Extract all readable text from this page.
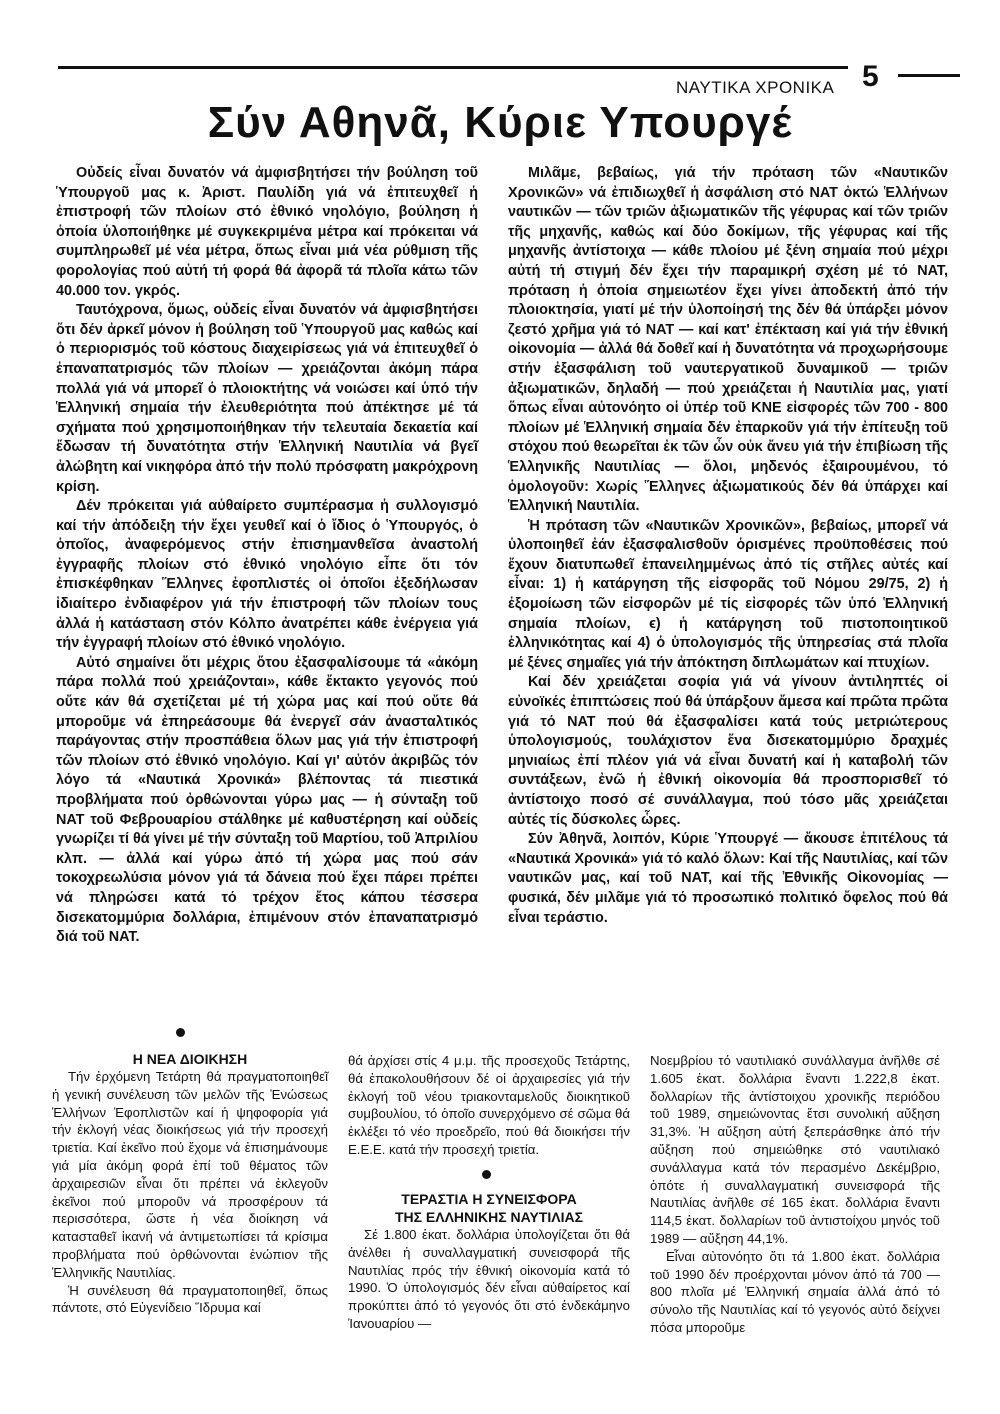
ΝΑΥΤΙΚΑ ΧΡΟΝΙΚΑ 5
Σύν Αθηνᾶ, Κύριε Υπουργέ

Οὐδείς εἶναι δυνατόν νά ἀμφισβητήσει τήν βούληση τοῦ Ὑπουργοῦ μας κ. Ἀριστ. Παυλίδη γιά νά ἐπιτευχθεῖ ἡ ἐπιστροφή τῶν πλοίων στό ἐθνικό νηολόγιο, βούληση ἡ ὁποία ὑλοποιήθηκε μέ συγκεκριμένα μέτρα καί πρόκειται νά συμπληρωθεῖ μέ νέα μέτρα, ὅπως εἶναι μιά νέα ρύθμιση τῆς φορολογίας πού αὐτή τή φορά θά ἀφορᾶ τά πλοῖα κάτω τῶν 40.000 τον. γκρός.

Ταυτόχρονα, ὅμως, οὐδείς εἶναι δυνατόν νά ἀμφισβητήσει ὅτι δέν ἀρκεῖ μόνον ἡ βούληση τοῦ Ὑπουργοῦ μας καθώς καί ὁ περιορισμός τοῦ κόστους διαχειρίσεως γιά νά ἐπιτευχθεῖ ὁ ἐπαναπατρισμός τῶν πλοίων — χρειάζονται ἀκόμη πάρα πολλά γιά νά μπορεῖ ὁ πλοιοκτήτης νά νοιώσει καί ὑπό τήν Ἑλληνική σημαία τήν ἐλευθεριότητα πού ἀπέκτησε μέ τά σχήματα πού χρησιμοποιήθηκαν τήν τελευταία δεκαετία καί ἔδωσαν τή δυνατότητα στήν Ἑλληνική Ναυτιλία νά βγεῖ ἀλώβητη καί νικηφόρα ἀπό τήν πολύ πρόσφατη μακρόχρονη κρίση.

Δέν πρόκειται γιά αὐθαίρετο συμπέρασμα ἡ συλλογισμό καί τήν ἀπόδειξη τήν ἔχει γευθεῖ καί ὁ ἴδιος ὁ Ὑπουργός, ὁ ὁποῖος, ἀναφερόμενος στήν ἐπισημανθεῖσα ἀναστολή ἐγγραφῆς πλοίων στό ἐθνικό νηολόγιο εἶπε ὅτι τόν ἐπισκέφθηκαν Ἕλληνες ἐφοπλιστές οἱ ὁποῖοι ἐξεδήλωσαν ἰδιαίτερο ἐνδιαφέρον γιά τήν ἐπιστροφή τῶν πλοίων τους ἀλλά ἡ κατάσταση στόν Κόλπο ἀνατρέπει κάθε ἐνέργεια γιά τήν ἐγγραφή πλοίων στό ἐθνικό νηολόγιο.

Αὐτό σημαίνει ὅτι μέχρις ὅτου ἐξασφαλίσουμε τά «ἀκόμη πάρα πολλά πού χρειάζονται», κάθε ἔκτακτο γεγονός πού οὔτε κάν θά σχετίζεται μέ τή χώρα μας καί πού οὔτε θά μποροῦμε νά ἐπηρεάσουμε θά ἐνεργεῖ σάν ἀνασταλτικός παράγοντας στήν προσπάθεια ὅλων μας γιά τήν ἐπιστροφή τῶν πλοίων στό ἐθνικό νηολόγιο. Καί γι' αὐτόν ἀκριβῶς τόν λόγο τά «Ναυτικά Χρονικά» βλέποντας τά πιεστικά προβλήματα πού ὀρθώνονται γύρω μας — ἡ σύνταξη τοῦ ΝΑΤ τοῦ Φεβρουαρίου στάλθηκε μέ καθυστέρηση καί οὐδείς γνωρίζει τί θά γίνει μέ τήν σύνταξη τοῦ Μαρτίου, τοῦ Ἀπριλίου κλπ. — ἀλλά καί γύρω ἀπό τή χώρα μας πού σάν τοκοχρεωλύσια μόνον γιά τά δάνεια πού ἔχει πάρει πρέπει νά πληρώσει κατά τό τρέχον ἔτος κάπου τέσσερα δισεκατομμύρια δολλάρια, ἐπιμένουν στόν ἐπαναπατρισμό διά τοῦ ΝΑΤ.

Μιλᾶμε, βεβαίως, γιά τήν πρόταση τῶν «Ναυτικῶν Χρονικῶν» νά ἐπιδιωχθεῖ ἡ ἀσφάλιση στό ΝΑΤ ὀκτώ Ἑλλήνων ναυτικῶν — τῶν τριῶν ἀξιωματικῶν τῆς γέφυρας καί τῶν τριῶν τῆς μηχανῆς, καθώς καί δύο δοκίμων, τῆς γέφυρας καί τῆς μηχανῆς ἀντίστοιχα — κάθε πλοίου μέ ξένη σημαία πού μέχρι αὐτή τή στιγμή δέν ἔχει τήν παραμικρή σχέση μέ τό ΝΑΤ, πρόταση ἡ ὁποία σημειωτέον ἔχει γίνει ἀποδεκτή ἀπό τήν πλοιοκτησία, γιατί μέ τήν ὑλοποίησή της δέν θά ὑπάρξει μόνον ζεστό χρῆμα γιά τό ΝΑΤ — καί κατ' ἐπέκταση καί γιά τήν ἐθνική οἰκονομία — ἀλλά θά δοθεῖ καί ἡ δυνατότητα νά προχωρήσουμε στήν ἐξασφάλιση τοῦ ναυτεργατικοῦ δυναμικοῦ — τριῶν ἀξιωματικῶν, δηλαδή — πού χρειάζεται ἡ Ναυτιλία μας, γιατί ὅπως εἶναι αὐτονόητο οἱ ὑπέρ τοῦ ΚΝΕ εἰσφορές τῶν 700 - 800 πλοίων μέ Ἑλληνική σημαία δέν ἐπαρκοῦν γιά τήν ἐπίτευξη τοῦ στόχου πού θεωρεῖται ἐκ τῶν ὧν οὐκ ἄνευ γιά τήν ἐπιβίωση τῆς Ἑλληνικῆς Ναυτιλίας — ὅλοι, μηδενός ἐξαιρουμένου, τό ὁμολογοῦν: Χωρίς Ἕλληνες ἀξιωματικούς δέν θά ὑπάρχει καί Ἑλληνική Ναυτιλία.

Ἡ πρόταση τῶν «Ναυτικῶν Χρονικῶν», βεβαίως, μπορεῖ νά ὑλοποιηθεῖ ἐάν ἐξασφαλισθοῦν ὁρισμένες προϋποθέσεις πού ἔχουν διατυπωθεῖ ἐπανειλημμένως ἀπό τίς στῆλες αὐτές καί εἶναι: 1) ἡ κατάργηση τῆς εἰσφορᾶς τοῦ Νόμου 29/75, 2) ἡ ἐξομοίωση τῶν εἰσφορῶν μέ τίς εἰσφορές τῶν ὑπό Ἑλληνική σημαία πλοίων, ϵ) ἡ κατάργηση τοῦ πιστοποιητικοῦ ἑλληνικότητας καί 4) ὁ ὑπολογισμός τῆς ὑπηρεσίας στά πλοῖα μέ ξένες σημαῖες γιά τήν ἀπόκτηση διπλωμάτων καί πτυχίων.

Καί δέν χρειάζεται σοφία γιά νά γίνουν ἀντιληπτές οἱ εὐνοϊκές ἐπιπτώσεις πού θά ὑπάρξουν ἄμεσα καί πρῶτα πρῶτα γιά τό ΝΑΤ πού θά ἐξασφαλίσει κατά τούς μετριώτερους ὑπολογισμούς, τουλάχιστον ἕνα δισεκατομμύριο δραχμές μηνιαίως ἐπί πλέον γιά νά εἶναι δυνατή καί ἡ καταβολή τῶν συντάξεων, ἐνῶ ἡ ἐθνική οἰκονομία θά προσπορισθεῖ τό ἀντίστοιχο ποσό σέ συνάλλαγμα, πού τόσο μᾶς χρειάζεται αὐτές τίς δύσκολες ὧρες.

Σύν Ἀθηνᾶ, λοιπόν, Κύριε Ὑπουργέ — ἄκουσε ἐπιτέλους τά «Ναυτικά Χρονικά» γιά τό καλό ὅλων: Καί τῆς Ναυτιλίας, καί τῶν ναυτικῶν μας, καί τοῦ ΝΑΤ, καί τῆς Ἐθνικῆς Οἰκονομίας — φυσικά, δέν μιλᾶμε γιά τό προσωπικό πολιτικό ὄφελος πού θά εἶναι τεράστιο.

Η ΝΕΑ ΔΙΟΙΚΗΣΗ

Τήν ἐρχόμενη Τετάρτη θά πραγματοποιηθεῖ ἡ γενική συνέλευση τῶν μελῶν τῆς Ἑνώσεως Ἑλλήνων Ἐφοπλιστῶν καί ἡ ψηφοφορία γιά τήν ἐκλογή νέας διοικήσεως γιά τήν προσεχή τριετία. Καί ἐκεῖνο πού ἔχομε νά ἐπισημάνουμε γιά μία ἀκόμη φορά ἐπί τοῦ θέματος τῶν ἀρχαιρεσιῶν εἶναι ὅτι πρέπει νά ἐκλεγοῦν ἐκεῖνοι πού μποροῦν νά προσφέρουν τά περισσότερα, ὥστε ἡ νέα διοίκηση νά κατασταθεῖ ἱκανή νά ἀντιμετωπίσει τά κρίσιμα προβλήματα πού ὀρθώνονται ἐνώπιον τῆς Ἑλληνικῆς Ναυτιλίας.

Ἡ συνέλευση θά πραγματοποιηθεῖ, ὅπως πάντοτε, στό Εὐγενίδειο Ἵδρυμα καί

θά ἀρχίσει στίς 4 μ.μ. τῆς προσεχοῦς Τετάρτης, θά ἐπακολουθήσουν δέ οἱ ἀρχαιρεσίες γιά τήν ἐκλογή τοῦ νέου τριακονταμελοῦς διοικητικοῦ συμβουλίου, τό ὁποῖο συνερχόμενο σέ σῶμα θά ἐκλέξει τό νέο προεδρεῖο, πού θά διοικήσει τήν Ε.Ε.Ε. κατά τήν προσεχή τριετία.

ΤΕΡΑΣΤΙΑ Η ΣΥΝΕΙΣΦΟΡΑ

ΤΗΣ ΕΛΛΗΝΙΚΗΣ ΝΑΥΤΙΛΙΑΣ

Σέ 1.800 ἑκατ. δολλάρια ὑπολογίζεται ὅτι θά ἀνέλθει ἡ συναλλαγματική συνεισφορά τῆς Ναυτιλίας πρός τήν ἐθνική οἰκονομία κατά τό 1990. Ὁ ὑπολογισμός δέν εἶναι αὐθαίρετος καί προκύπτει ἀπό τό γεγονός ὅτι στό ἑνδεκάμηνο Ἰανουαρίου —

Νοεμβρίου τό ναυτιλιακό συνάλλαγμα ἀνῆλθε σέ 1.605 ἑκατ. δολλάρια ἔναντι 1.222,8 ἑκατ. δολλαρίων τῆς ἀντίστοιχου χρονικῆς περιόδου τοῦ 1989, σημειώνοντας ἔτσι συνολική αὔξηση 31,3%. Ἡ αὔξηση αὐτή ξεπεράσθηκε ἀπό τήν αὔξηση πού σημειώθηκε στό ναυτιλιακό συνάλλαγμα κατά τόν περασμένο Δεκέμβριο, ὁπότε ἡ συναλλαγματική συνεισφορά τῆς Ναυτιλίας ἀνῆλθε σέ 165 ἑκατ. δολλάρια ἔναντι 114,5 ἑκατ. δολλαρίων τοῦ ἀντιστοίχου μηνός τοῦ 1989 — αὔξηση 44,1%.

Εἶναι αὐτονόητο ὅτι τά 1.800 ἑκατ. δολλάρια τοῦ 1990 δέν προέρχονται μόνον ἀπό τά 700 — 800 πλοῖα μέ Ἑλληνική σημαία ἀλλά ἀπό τό σύνολο τῆς Ναυτιλίας καί τό γεγονός αὐτό δείχνει πόσα μποροῦμε
